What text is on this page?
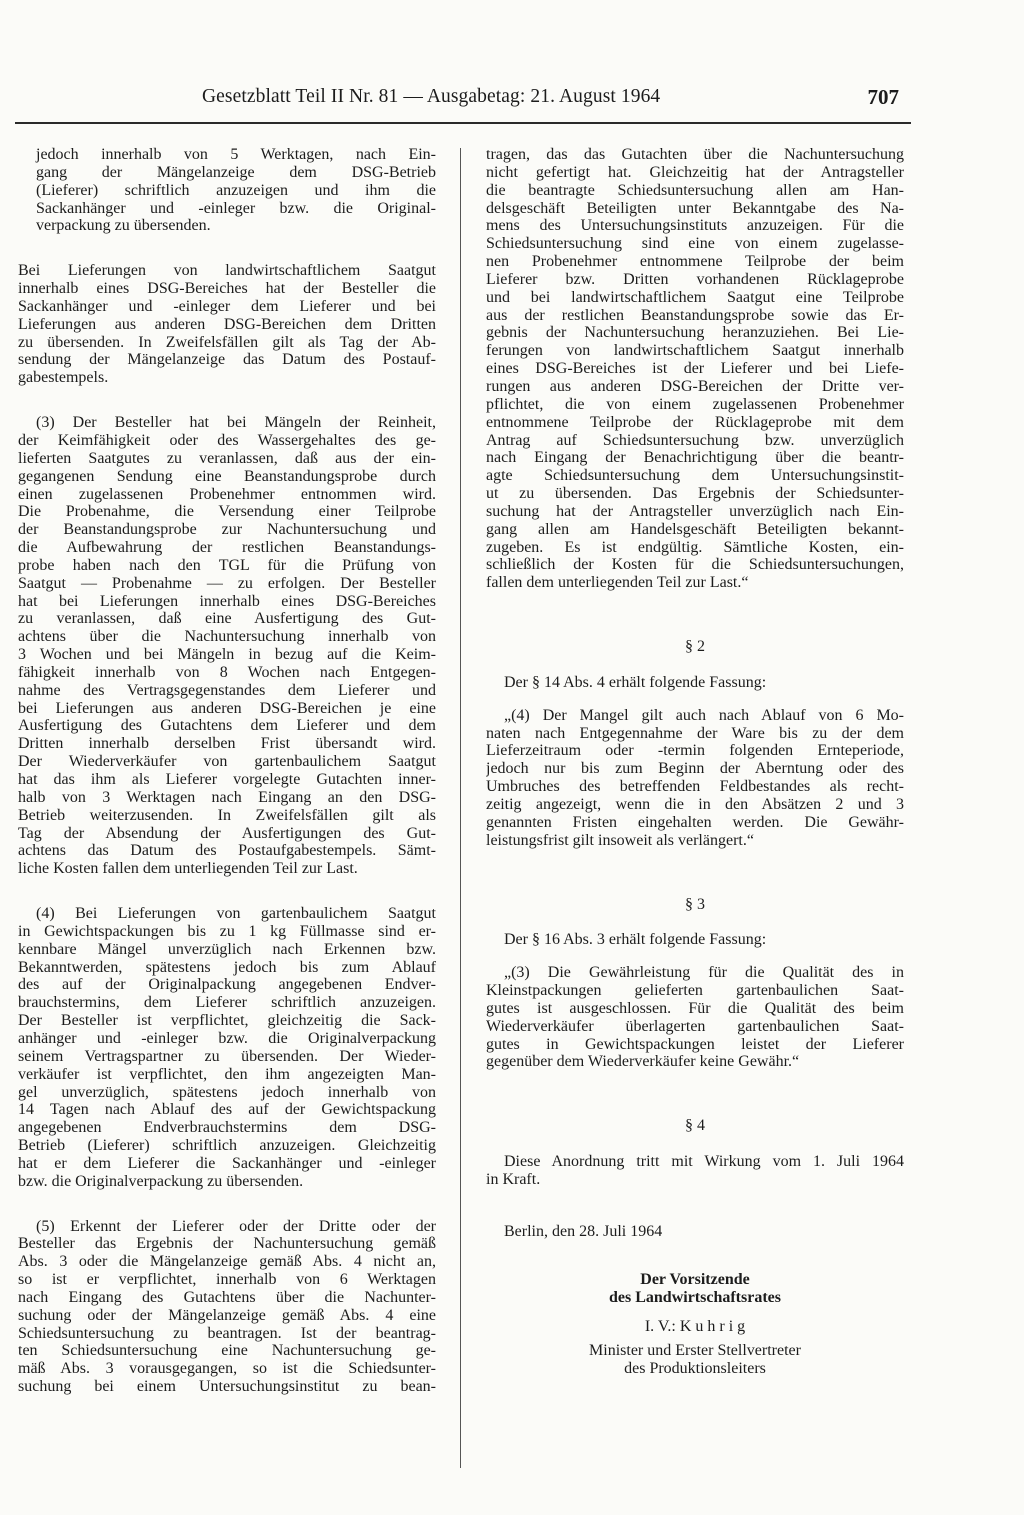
Gesetzblatt Teil II Nr. 81 — Ausgabetag: 21. August 1964	707
jedoch innerhalb von 5 Werktagen, nach Ein-
gang der Mängelanzeige dem DSG-Betrieb
(Lieferer) schriftlich anzuzeigen und ihm die
Sackanhänger und -einleger bzw. die Original-
verpackung zu übersenden.
Bei Lieferungen von landwirtschaftlichem Saatgut
innerhalb eines DSG-Bereiches hat der Besteller die
Sackanhänger und -einleger dem Lieferer und bei
Lieferungen aus anderen DSG-Bereichen dem Dritten
zu übersenden. In Zweifelsfällen gilt als Tag der Ab-
sendung der Mängelanzeige das Datum des Postauf-
gabestempels.
(3) Der Besteller hat bei Mängeln der Reinheit,
der Keimfähigkeit oder des Wassergehaltes des ge-
lieferten Saatgutes zu veranlassen, daß aus der ein-
gegangenen Sendung eine Beanstandungsprobe durch
einen zugelassenen Probenehmer entnommen wird.
Die Probenahme, die Versendung einer Teilprobe
der Beanstandungsprobe zur Nachuntersuchung und
die Aufbewahrung der restlichen Beanstandungs-
probe haben nach den TGL für die Prüfung von
Saatgut — Probenahme — zu erfolgen. Der Besteller
hat bei Lieferungen innerhalb eines DSG-Bereiches
zu veranlassen, daß eine Ausfertigung des Gut-
achtens über die Nachuntersuchung innerhalb von
3 Wochen und bei Mängeln in bezug auf die Keim-
fähigkeit innerhalb von 8 Wochen nach Entgegen-
nahme des Vertragsgegenstandes dem Lieferer und
bei Lieferungen aus anderen DSG-Bereichen je eine
Ausfertigung des Gutachtens dem Lieferer und dem
Dritten innerhalb derselben Frist übersandt wird.
Der Wiederverkäufer von gartenbaulichem Saatgut
hat das ihm als Lieferer vorgelegte Gutachten inner-
halb von 3 Werktagen nach Eingang an den DSG-
Betrieb weiterzusenden. In Zweifelsfällen gilt als
Tag der Absendung der Ausfertigungen des Gut-
achtens das Datum des Postaufgabestempels. Sämt-
liche Kosten fallen dem unterliegenden Teil zur Last.
(4) Bei Lieferungen von gartenbaulichem Saatgut
in Gewichtspackungen bis zu 1 kg Füllmasse sind er-
kennbare Mängel unverzüglich nach Erkennen bzw.
Bekanntwerden, spätestens jedoch bis zum Ablauf
des auf der Originalpackung angegebenen Endver-
brauchstermins, dem Lieferer schriftlich anzuzeigen.
Der Besteller ist verpflichtet, gleichzeitig die Sack-
anhänger und -einleger bzw. die Originalverpackung
seinem Vertragspartner zu übersenden. Der Wieder-
verkäufer ist verpflichtet, den ihm angezeigten Man-
gel unverzüglich, spätestens jedoch innerhalb von
14 Tagen nach Ablauf des auf der Gewichtspackung
angegebenen Endverbrauchstermins dem DSG-
Betrieb (Lieferer) schriftlich anzuzeigen. Gleichzeitig
hat er dem Lieferer die Sackanhänger und -einleger
bzw. die Originalverpackung zu übersenden.
(5) Erkennt der Lieferer oder der Dritte oder der
Besteller das Ergebnis der Nachuntersuchung gemäß
Abs. 3 oder die Mängelanzeige gemäß Abs. 4 nicht an,
so ist er verpflichtet, innerhalb von 6 Werktagen
nach Eingang des Gutachtens über die Nachunter-
suchung oder der Mängelanzeige gemäß Abs. 4 eine
Schiedsuntersuchung zu beantragen. Ist der beantrag-
ten Schiedsuntersuchung eine Nachuntersuchung ge-
mäß Abs. 3 vorausgegangen, so ist die Schiedsunter-
suchung bei einem Untersuchungsinstitut zu bean-
tragen, das das Gutachten über die Nachuntersuchung
nicht gefertigt hat. Gleichzeitig hat der Antragsteller
die beantragte Schiedsuntersuchung allen am Han-
delsgeschäft Beteiligten unter Bekanntgabe des Na-
mens des Untersuchungsinstituts anzuzeigen. Für die
Schiedsuntersuchung sind eine von einem zugelasse-
nen Probenehmer entnommene Teilprobe der beim
Lieferer bzw. Dritten vorhandenen Rücklageprobe
und bei landwirtschaftlichem Saatgut eine Teilprobe
aus der restlichen Beanstandungsprobe sowie das Er-
gebnis der Nachuntersuchung heranzuziehen. Bei Lie-
ferungen von landwirtschaftlichem Saatgut innerhalb
eines DSG-Bereiches ist der Lieferer und bei Liefe-
rungen aus anderen DSG-Bereichen der Dritte ver-
pflichtet, die von einem zugelassenen Probenehmer
entnommene Teilprobe der Rücklageprobe mit dem
Antrag auf Schiedsuntersuchung bzw. unverzüglich
nach Eingang der Benachrichtigung über die beantr-
agte Schiedsuntersuchung dem Untersuchungsinstit-
ut zu übersenden. Das Ergebnis der Schiedsunter-
suchung hat der Antragsteller unverzüglich nach Ein-
gang allen am Handelsgeschäft Beteiligten bekannt-
zugeben. Es ist endgültig. Sämtliche Kosten, ein-
schließlich der Kosten für die Schiedsuntersuchungen,
fallen dem unterliegenden Teil zur Last.“

§ 2

Der § 14 Abs. 4 erhält folgende Fassung:
„(4) Der Mangel gilt auch nach Ablauf von 6 Mo-
naten nach Entgegennahme der Ware bis zu der dem
Lieferzeitraum oder -termin folgenden Ernteperiode,
jedoch nur bis zum Beginn der Aberntung oder des
Umbruches des betreffenden Feldbestandes als recht-
zeitig angezeigt, wenn die in den Absätzen 2 und 3
genannten Fristen eingehalten werden. Die Gewähr-
leistungsfrist gilt insoweit als verlängert.“

§ 3

Der § 16 Abs. 3 erhält folgende Fassung:
„(3) Die Gewährleistung für die Qualität des in
Kleinstpackungen gelieferten gartenbaulichen Saat-
gutes ist ausgeschlossen. Für die Qualität des beim
Wiederverkäufer überlagerten gartenbaulichen Saat-
gutes in Gewichtspackungen leistet der Lieferer
gegenüber dem Wiederverkäufer keine Gewähr.“

§ 4

Diese Anordnung tritt mit Wirkung vom 1. Juli 1964
in Kraft.
Berlin, den 28. Juli 1964
Der Vorsitzende
des Landwirtschaftsrates
I. V.: K u h r i g
Minister und Erster Stellvertreter
des Produktionsleiters
